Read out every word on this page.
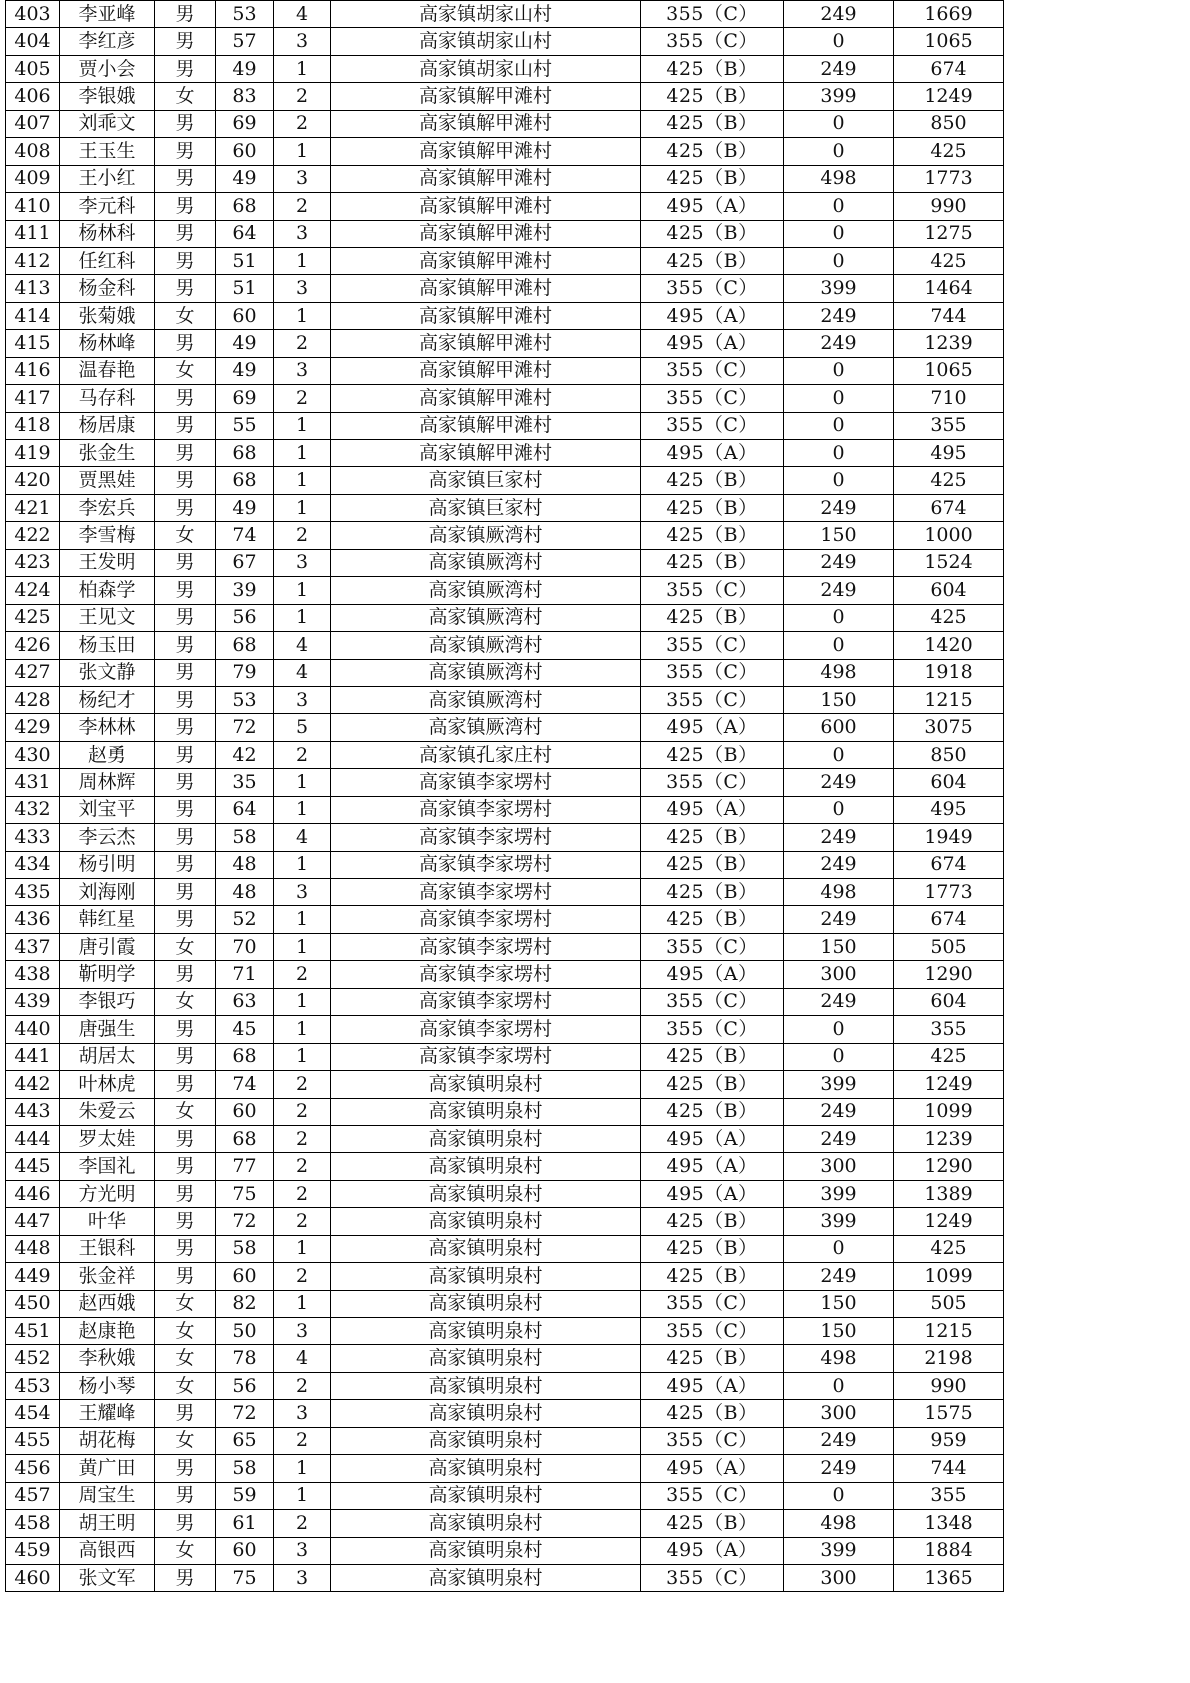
403	李亚峰	男	53	4	高家镇胡家山村	355（C）	249	1669
404	李红彦	男	57	3	高家镇胡家山村	355（C）	0	1065
405	贾小会	男	49	1	高家镇胡家山村	425（B）	249	674
406	李银娥	女	83	2	高家镇解甲滩村	425（B）	399	1249
407	刘乖文	男	69	2	高家镇解甲滩村	425（B）	0	850
408	王玉生	男	60	1	高家镇解甲滩村	425（B）	0	425
409	王小红	男	49	3	高家镇解甲滩村	425（B）	498	1773
410	李元科	男	68	2	高家镇解甲滩村	495（A）	0	990
411	杨林科	男	64	3	高家镇解甲滩村	425（B）	0	1275
412	任红科	男	51	1	高家镇解甲滩村	425（B）	0	425
413	杨金科	男	51	3	高家镇解甲滩村	355（C）	399	1464
414	张菊娥	女	60	1	高家镇解甲滩村	495（A）	249	744
415	杨林峰	男	49	2	高家镇解甲滩村	495（A）	249	1239
416	温春艳	女	49	3	高家镇解甲滩村	355（C）	0	1065
417	马存科	男	69	2	高家镇解甲滩村	355（C）	0	710
418	杨居康	男	55	1	高家镇解甲滩村	355（C）	0	355
419	张金生	男	68	1	高家镇解甲滩村	495（A）	0	495
420	贾黑娃	男	68	1	高家镇巨家村	425（B）	0	425
421	李宏兵	男	49	1	高家镇巨家村	425（B）	249	674
422	李雪梅	女	74	2	高家镇厥湾村	425（B）	150	1000
423	王发明	男	67	3	高家镇厥湾村	425（B）	249	1524
424	柏森学	男	39	1	高家镇厥湾村	355（C）	249	604
425	王见文	男	56	1	高家镇厥湾村	425（B）	0	425
426	杨玉田	男	68	4	高家镇厥湾村	355（C）	0	1420
427	张文静	男	79	4	高家镇厥湾村	355（C）	498	1918
428	杨纪才	男	53	3	高家镇厥湾村	355（C）	150	1215
429	李林林	男	72	5	高家镇厥湾村	495（A）	600	3075
430	赵勇	男	42	2	高家镇孔家庄村	425（B）	0	850
431	周林辉	男	35	1	高家镇李家塄村	355（C）	249	604
432	刘宝平	男	64	1	高家镇李家塄村	495（A）	0	495
433	李云杰	男	58	4	高家镇李家塄村	425（B）	249	1949
434	杨引明	男	48	1	高家镇李家塄村	425（B）	249	674
435	刘海刚	男	48	3	高家镇李家塄村	425（B）	498	1773
436	韩红星	男	52	1	高家镇李家塄村	425（B）	249	674
437	唐引霞	女	70	1	高家镇李家塄村	355（C）	150	505
438	靳明学	男	71	2	高家镇李家塄村	495（A）	300	1290
439	李银巧	女	63	1	高家镇李家塄村	355（C）	249	604
440	唐强生	男	45	1	高家镇李家塄村	355（C）	0	355
441	胡居太	男	68	1	高家镇李家塄村	425（B）	0	425
442	叶林虎	男	74	2	高家镇明泉村	425（B）	399	1249
443	朱爱云	女	60	2	高家镇明泉村	425（B）	249	1099
444	罗太娃	男	68	2	高家镇明泉村	495（A）	249	1239
445	李国礼	男	77	2	高家镇明泉村	495（A）	300	1290
446	方光明	男	75	2	高家镇明泉村	495（A）	399	1389
447	叶华	男	72	2	高家镇明泉村	425（B）	399	1249
448	王银科	男	58	1	高家镇明泉村	425（B）	0	425
449	张金祥	男	60	2	高家镇明泉村	425（B）	249	1099
450	赵西娥	女	82	1	高家镇明泉村	355（C）	150	505
451	赵康艳	女	50	3	高家镇明泉村	355（C）	150	1215
452	李秋娥	女	78	4	高家镇明泉村	425（B）	498	2198
453	杨小琴	女	56	2	高家镇明泉村	495（A）	0	990
454	王耀峰	男	72	3	高家镇明泉村	425（B）	300	1575
455	胡花梅	女	65	2	高家镇明泉村	355（C）	249	959
456	黄广田	男	58	1	高家镇明泉村	495（A）	249	744
457	周宝生	男	59	1	高家镇明泉村	355（C）	0	355
458	胡王明	男	61	2	高家镇明泉村	425（B）	498	1348
459	高银西	女	60	3	高家镇明泉村	495（A）	399	1884
460	张文军	男	75	3	高家镇明泉村	355（C）	300	1365
